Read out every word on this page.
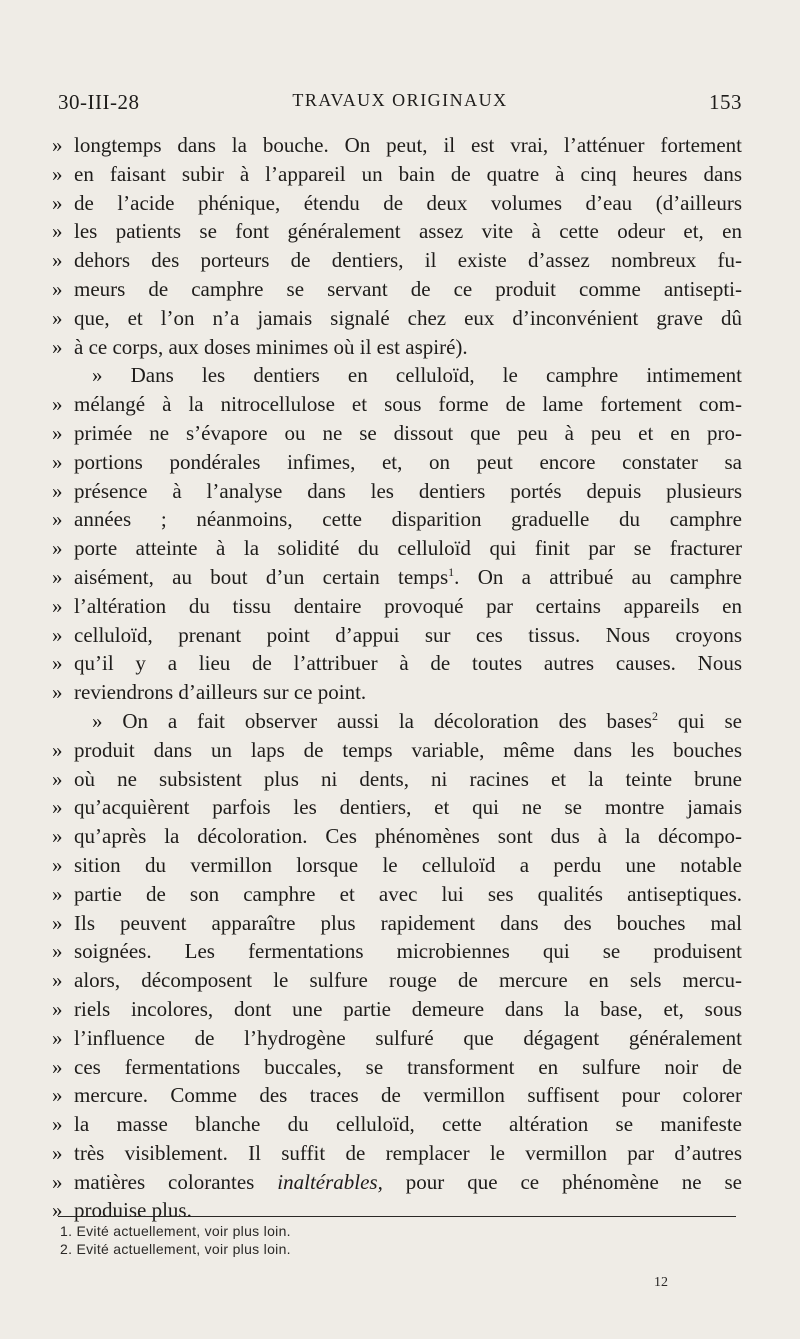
30-III-28	TRAVAUX ORIGINAUX	153
» longtemps dans la bouche. On peut, il est vrai, l’atténuer fortement
» en faisant subir à l’appareil un bain de quatre à cinq heures dans
» de l’acide phénique, étendu de deux volumes d’eau (d’ailleurs
» les patients se font généralement assez vite à cette odeur et, en
» dehors des porteurs de dentiers, il existe d’assez nombreux fu-
» meurs de camphre se servant de ce produit comme antisepti-
» que, et l’on n’a jamais signalé chez eux d’inconvénient grave dû
» à ce corps, aux doses minimes où il est aspiré).
» Dans les dentiers en celluloïd, le camphre intimement
» mélangé à la nitrocellulose et sous forme de lame fortement com-
» primée ne s’évapore ou ne se dissout que peu à peu et en pro-
» portions pondérales infimes, et, on peut encore constater sa
» présence à l’analyse dans les dentiers portés depuis plusieurs
» années ; néanmoins, cette disparition graduelle du camphre
» porte atteinte à la solidité du celluloïd qui finit par se fracturer
» aisément, au bout d’un certain temps$^1$. On a attribué au camphre
» l’altération du tissu dentaire provoqué par certains appareils en
» celluloïd, prenant point d’appui sur ces tissus. Nous croyons
» qu’il y a lieu de l’attribuer à de toutes autres causes. Nous
» reviendrons d’ailleurs sur ce point.
» On a fait observer aussi la décoloration des bases$^2$ qui se
» produit dans un laps de temps variable, même dans les bouches
» où ne subsistent plus ni dents, ni racines et la teinte brune
» qu’acquièrent parfois les dentiers, et qui ne se montre jamais
» qu’après la décoloration. Ces phénomènes sont dus à la décompo-
» sition du vermillon lorsque le celluloïd a perdu une notable
» partie de son camphre et avec lui ses qualités antiseptiques.
» Ils peuvent apparaître plus rapidement dans des bouches mal
» soignées. Les fermentations microbiennes qui se produisent
» alors, décomposent le sulfure rouge de mercure en sels mercu-
» riels incolores, dont une partie demeure dans la base, et, sous
» l’influence de l’hydrogène sulfuré que dégagent généralement
» ces fermentations buccales, se transforment en sulfure noir de
» mercure. Comme des traces de vermillon suffisent pour colorer
» la masse blanche du celluloïd, cette altération se manifeste
» très visiblement. Il suffit de remplacer le vermillon par d’autres
» matières colorantes inaltérables, pour que ce phénomène ne se
» produise plus.
1. Evité actuellement, voir plus loin.
2. Evité actuellement, voir plus loin.
12
